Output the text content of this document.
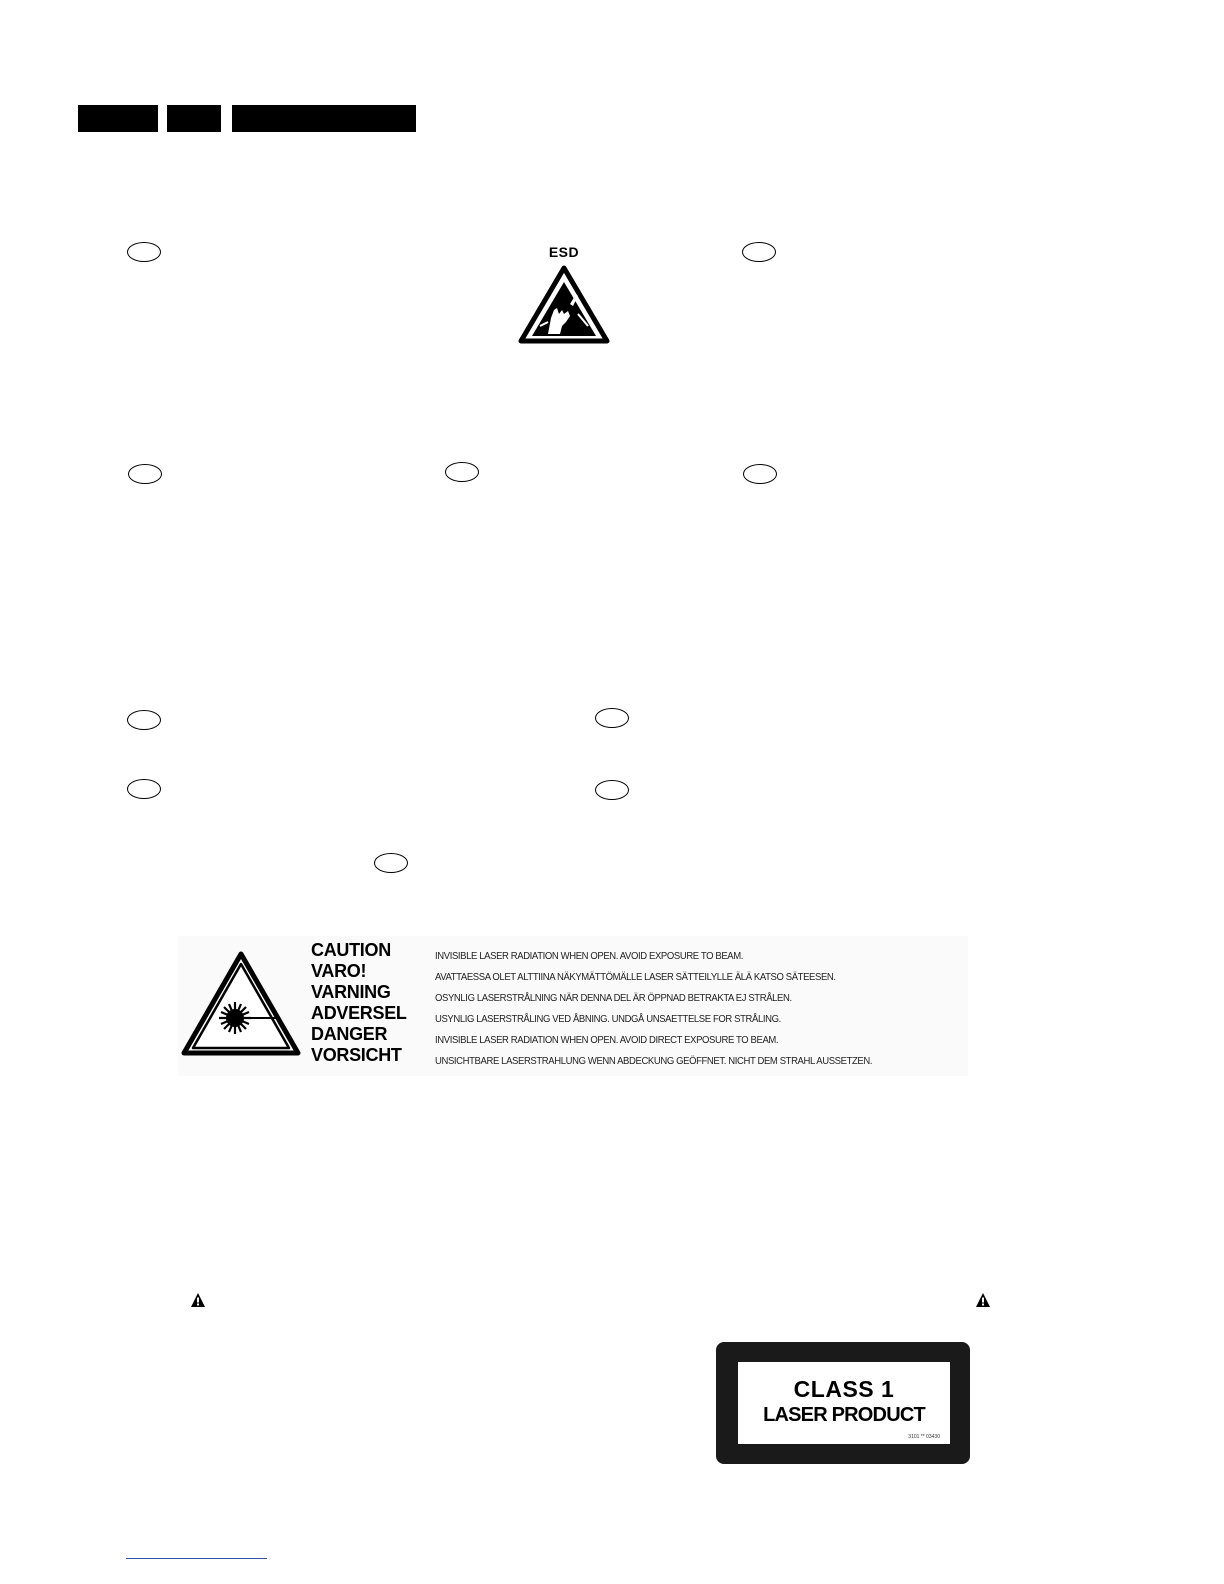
ESD
CAUTION
VARO!
VARNING
ADVERSEL
DANGER
VORSICHT
INVISIBLE LASER RADIATION WHEN OPEN. AVOID EXPOSURE TO BEAM.
AVATTAESSA OLET ALTTIINA NÄKYMÄTTÖMÄLLE LASER SÄTTEILYLLE ÄLÄ KATSO SÄTEESEN.
OSYNLIG LASERSTRÅLNING NÄR DENNA DEL ÄR ÖPPNAD BETRAKTA EJ STRÅLEN.
USYNLIG LASERSTRÅLING VED ÅBNING. UNDGÅ UNSAETTELSE FOR STRÅLING.
INVISIBLE LASER RADIATION WHEN OPEN. AVOID DIRECT EXPOSURE TO BEAM.
UNSICHTBARE LASERSTRAHLUNG WENN ABDECKUNG GEÖFFNET. NICHT DEM STRAHL AUSSETZEN.
CLASS 1
LASER PRODUCT
3101 ** 03430
